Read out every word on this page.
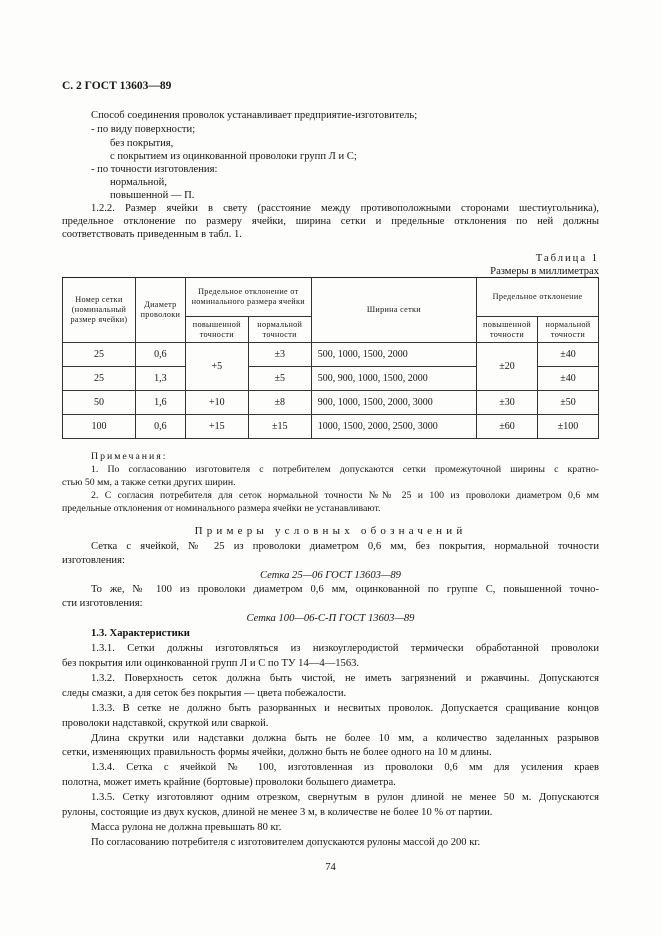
С. 2 ГОСТ 13603—89
Способ соединения проволок устанавливает предприятие-изготовитель;
- по виду поверхности;
без покрытия,
с покрытием из оцинкованной проволоки групп Л и С;
- по точности изготовления:
нормальной,
повышенной — П.
1.2.2. Размер ячейки в свету (расстояние между противоположными сторонами шестиугольника),
предельное отклонение по размеру ячейки, ширина сетки и предельные отклонения по ней должны
соответствовать приведенным в табл. 1.
Таблица 1
Размеры в миллиметрах
Номер сетки (номинальный размер ячейки)	Диаметр проволоки	Предельное отклонение от номинального размера ячейки		Ширина сетки	Предельное отклонение	
		повышенной точности	нормальной точности		повышенной точности	нормальной точности
25	0,6	+5	±3	500, 1000, 1500, 2000	±20	±40
25	1,3		±5	500, 900, 1000, 1500, 2000		±40
50	1,6	+10	±8	900, 1000, 1500, 2000, 3000	±30	±50
100	0,6	+15	±15	1000, 1500, 2000, 2500, 3000	±60	±100
Примечания:
1. По согласованию изготовителя с потребителем допускаются сетки промежуточной ширины с кратно-
стью 50 мм, а также сетки других ширин.
2. С согласия потребителя для сеток нормальной точности №№ 25 и 100 из проволоки диаметром 0,6 мм
предельные отклонения от номинального размера ячейки не устанавливают.
Примеры условных обозначений
Сетка с ячейкой, № 25 из проволоки диаметром 0,6 мм, без покрытия, нормальной точности
изготовления:
Сетка 25—06 ГОСТ 13603—89
То же, № 100 из проволоки диаметром 0,6 мм, оцинкованной по группе С, повышенной точно-
сти изготовления:
Сетка 100—06-С-П ГОСТ 13603—89
1.3. Характеристики
1.3.1. Сетки должны изготовляться из низкоуглеродистой термически обработанной проволоки
без покрытия или оцинкованной групп Л и С по ТУ 14—4—1563.
1.3.2. Поверхность сеток должна быть чистой, не иметь загрязнений и ржавчины. Допускаются
следы смазки, а для сеток без покрытия — цвета побежалости.
1.3.3. В сетке не должно быть разорванных и несвитых проволок. Допускается сращивание концов
проволоки надставкой, скруткой или сваркой.
Длина скрутки или надставки должна быть не более 10 мм, а количество заделанных разрывов
сетки, изменяющих правильность формы ячейки, должно быть не более одного на 10 м длины.
1.3.4. Сетка с ячейкой № 100, изготовленная из проволоки 0,6 мм для усиления краев
полотна, может иметь крайние (бортовые) проволоки большего диаметра.
1.3.5. Сетку изготовляют одним отрезком, свернутым в рулон длиной не менее 50 м. Допускаются
рулоны, состоящие из двух кусков, длиной не менее 3 м, в количестве не более 10 % от партии.
Масса рулона не должна превышать 80 кг.
По согласованию потребителя с изготовителем допускаются рулоны массой до 200 кг.
74
